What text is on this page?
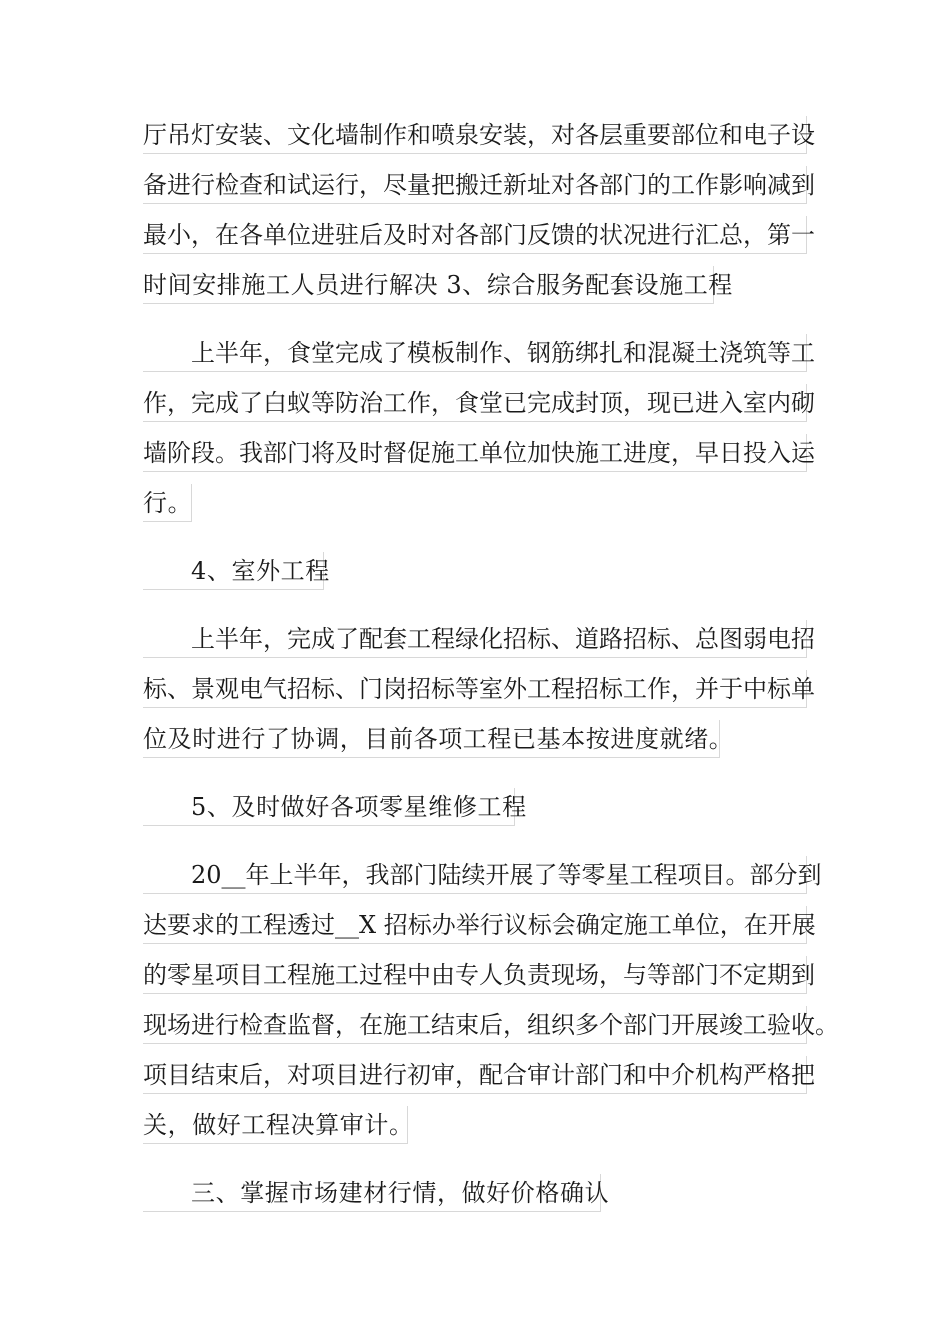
厅吊灯安装、文化墙制作和喷泉安装，对各层重要部位和电子设
备进行检查和试运行，尽量把搬迁新址对各部门的工作影响减到
最小，在各单位进驻后及时对各部门反馈的状况进行汇总，第一
时间安排施工人员进行解决 3、综合服务配套设施工程
上半年，食堂完成了模板制作、钢筋绑扎和混凝土浇筑等工
作，完成了白蚁等防治工作，食堂已完成封顶，现已进入室内砌
墙阶段。我部门将及时督促施工单位加快施工进度，早日投入运
行。
4、室外工程
上半年，完成了配套工程绿化招标、道路招标、总图弱电招
标、景观电气招标、门岗招标等室外工程招标工作，并于中标单
位及时进行了协调，目前各项工程已基本按进度就绪。
5、及时做好各项零星维修工程
20__年上半年，我部门陆续开展了等零星工程项目。部分到
达要求的工程透过__X 招标办举行议标会确定施工单位，在开展
的零星项目工程施工过程中由专人负责现场，与等部门不定期到
现场进行检查监督，在施工结束后，组织多个部门开展竣工验收。
项目结束后，对项目进行初审，配合审计部门和中介机构严格把
关，做好工程决算审计。
三、掌握市场建材行情，做好价格确认
